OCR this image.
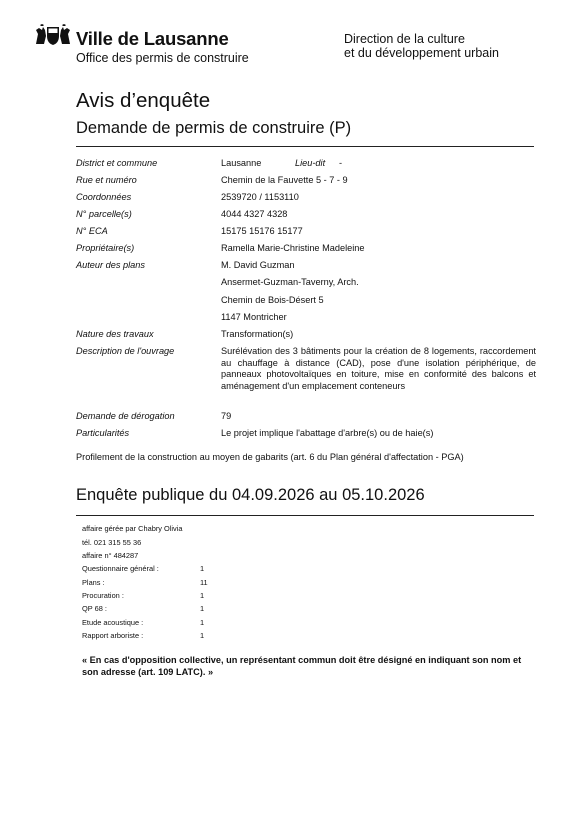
Ville de Lausanne
Office des permis de construire
Direction de la culture
et du développement urbain
Avis d’enquête
Demande de permis de construire (P)
District et commune	Lausanne	Lieu-dit -
Rue et numéro	Chemin de la Fauvette 5 - 7 - 9
Coordonnées	2539720 / 1153110
N° parcelle(s)	4044 4327 4328
N° ECA	15175 15176 15177
Propriétaire(s)	Ramella Marie-Christine Madeleine
Auteur des plans	M. David Guzman
Ansermet-Guzman-Taverny, Arch.
Chemin de Bois-Désert 5
1147 Montricher
Nature des travaux	Transformation(s)
Description de l'ouvrage	Surélévation des 3 bâtiments pour la création de 8 logements, raccordement au chauffage à distance (CAD), pose d'une isolation périphérique, de panneaux photovoltaïques en toiture, mise en conformité des balcons et aménagement d'un emplacement conteneurs
Demande de dérogation	79
Particularités	Le projet implique l'abattage d'arbre(s) ou de haie(s)
Profilement de la construction au moyen de gabarits (art. 6 du Plan général d'affectation - PGA)
Enquête publique du 04.09.2026 au 05.10.2026
affaire gérée par Chabry Olivia
tél. 021 315 55 36
affaire n° 484287
Questionnaire général :	1
Plans :	11
Procuration :	1
QP 68 :	1
Etude acoustique :	1
Rapport arboriste :	1
« En cas d'opposition collective, un représentant commun doit être désigné en indiquant son nom et son adresse (art. 109 LATC). »
